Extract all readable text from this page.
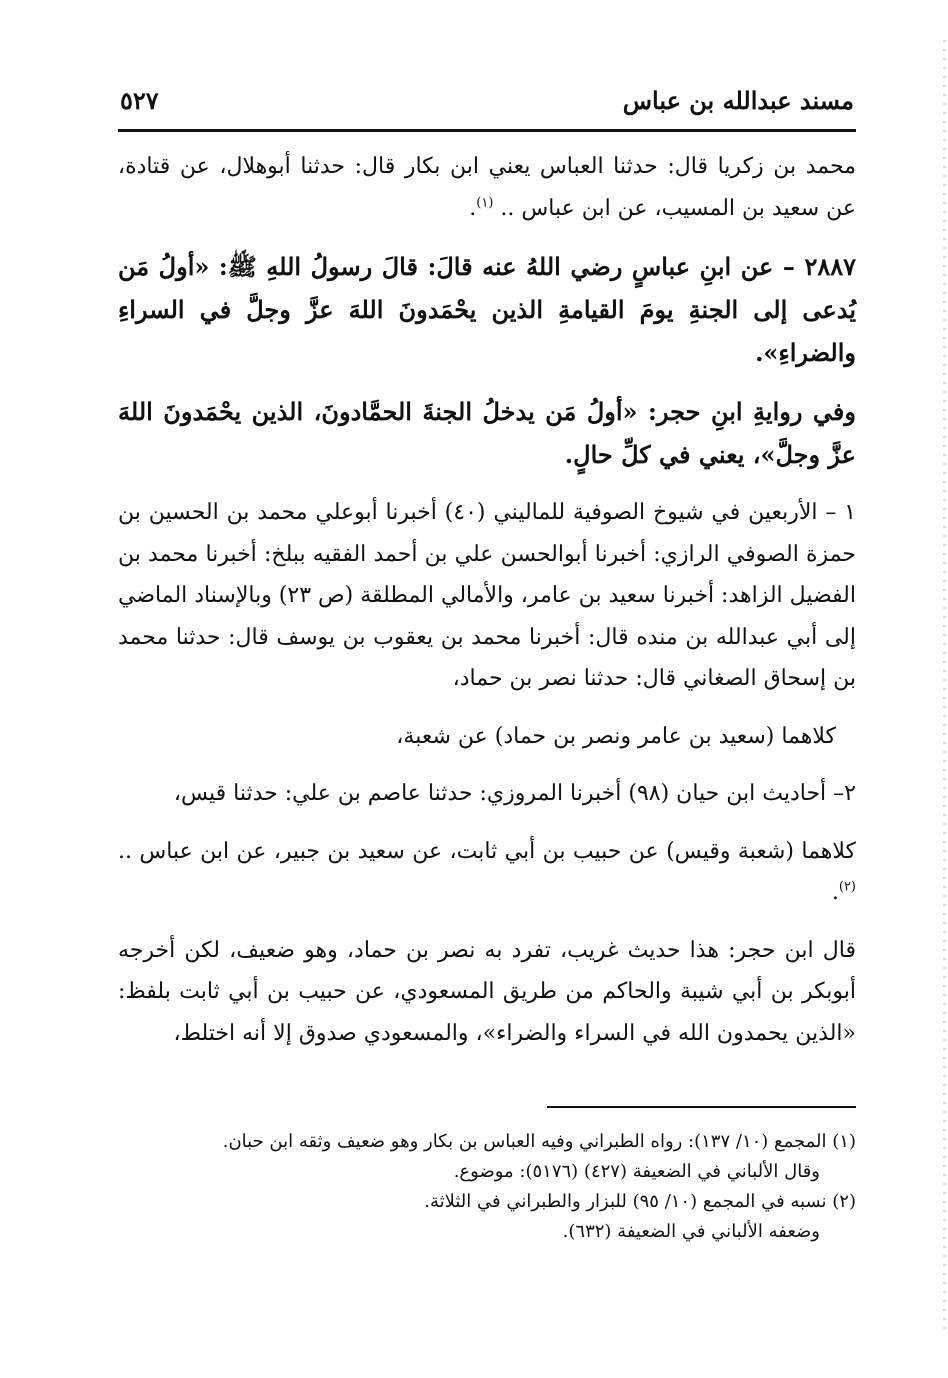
مسند عبدالله بن عباس
٥٢٧

محمد بن زكريا قال: حدثنا العباس يعني ابن بكار قال: حدثنا أبوهلال، عن قتادة، عن سعيد بن المسيب، عن ابن عباس .. $^{(١)}$.

٢٨٨٧ – عن ابنِ عباسٍ رضي اللهُ عنه قالَ: قالَ رسولُ اللهِ ﷺ: «أولُ مَن يُدعى إلى الجنةِ يومَ القيامةِ الذين يحْمَدونَ اللهَ عزَّ وجلَّ في السراءِ والضراءِ».

وفي روايةِ ابنِ حجر: «أولُ مَن يدخلُ الجنةَ الحمَّادونَ، الذين يحْمَدونَ اللهَ عزَّ وجلَّ»، يعني في كلِّ حالٍ.

١ – الأربعين في شيوخ الصوفية للماليني (٤٠) أخبرنا أبوعلي محمد بن الحسين بن حمزة الصوفي الرازي: أخبرنا أبوالحسن علي بن أحمد الفقيه ببلخ: أخبرنا محمد بن الفضيل الزاهد: أخبرنا سعيد بن عامر، والأمالي المطلقة (ص ٢٣) وبالإسناد الماضي إلى أبي عبدالله بن منده قال: أخبرنا محمد بن يعقوب بن يوسف قال: حدثنا محمد بن إسحاق الصغاني قال: حدثنا نصر بن حماد،

كلاهما (سعيد بن عامر ونصر بن حماد) عن شعبة،

٢– أحاديث ابن حيان (٩٨) أخبرنا المروزي: حدثنا عاصم بن علي: حدثنا قيس،

كلاهما (شعبة وقيس) عن حبيب بن أبي ثابت، عن سعيد بن جبير، عن ابن عباس .. $^{(٢)}$.

قال ابن حجر: هذا حديث غريب، تفرد به نصر بن حماد، وهو ضعيف، لكن أخرجه أبوبكر بن أبي شيبة والحاكم من طريق المسعودي، عن حبيب بن أبي ثابت بلفظ: «الذين يحمدون الله في السراء والضراء»، والمسعودي صدوق إلا أنه اختلط،

(١) المجمع (١٠/ ١٣٧): رواه الطبراني وفيه العباس بن بكار وهو ضعيف وثقه ابن حبان.

وقال الألباني في الضعيفة (٤٢٧) (٥١٧٦): موضوع.

(٢) نسبه في المجمع (١٠/ ٩٥) للبزار والطبراني في الثلاثة.

وضعفه الألباني في الضعيفة (٦٣٢).
